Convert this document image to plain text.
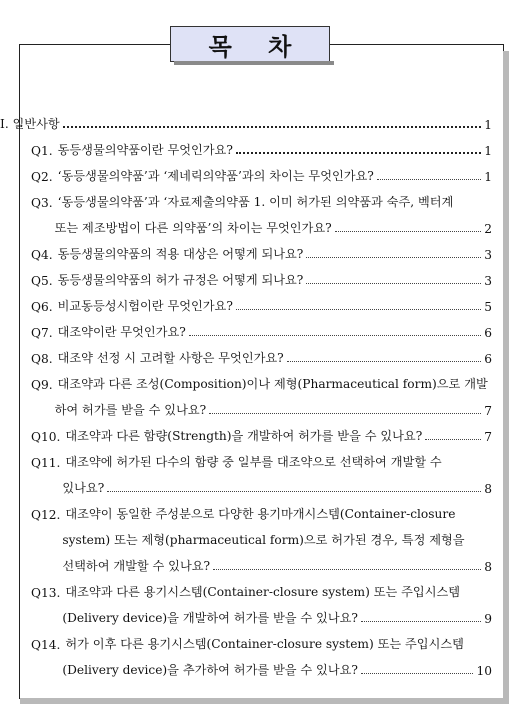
목 차
I. 일반사항	1
Q1. 동등생물의약품이란 무엇인가요?	1
Q2. ‘동등생물의약품’과 ‘제네릭의약품’과의 차이는 무엇인가요?	1
Q3. ‘동등생물의약품’과 ‘자료제출의약품 1. 이미 허가된 의약품과 숙주, 벡터계
또는 제조방법이 다른 의약품’의 차이는 무엇인가요?	2
Q4. 동등생물의약품의 적용 대상은 어떻게 되나요?	3
Q5. 동등생물의약품의 허가 규정은 어떻게 되나요?	3
Q6. 비교동등성시험이란 무엇인가요?	5
Q7. 대조약이란 무엇인가요?	6
Q8. 대조약 선정 시 고려할 사항은 무엇인가요?	6
Q9. 대조약과 다른 조성(Composition)이나 제형(Pharmaceutical form)으로 개발
하여 허가를 받을 수 있나요?	7
Q10. 대조약과 다른 함량(Strength)을 개발하여 허가를 받을 수 있나요?	7
Q11. 대조약에 허가된 다수의 함량 중 일부를 대조약으로 선택하여 개발할 수
있나요?	8
Q12. 대조약이 동일한 주성분으로 다양한 용기마개시스템(Container-closure
system) 또는 제형(pharmaceutical form)으로 허가된 경우, 특정 제형을
선택하여 개발할 수 있나요?	8
Q13. 대조약과 다른 용기시스템(Container-closure system) 또는 주입시스템
(Delivery device)을 개발하여 허가를 받을 수 있나요?	9
Q14. 허가 이후 다른 용기시스템(Container-closure system) 또는 주입시스템
(Delivery device)을 추가하여 허가를 받을 수 있나요?	10
